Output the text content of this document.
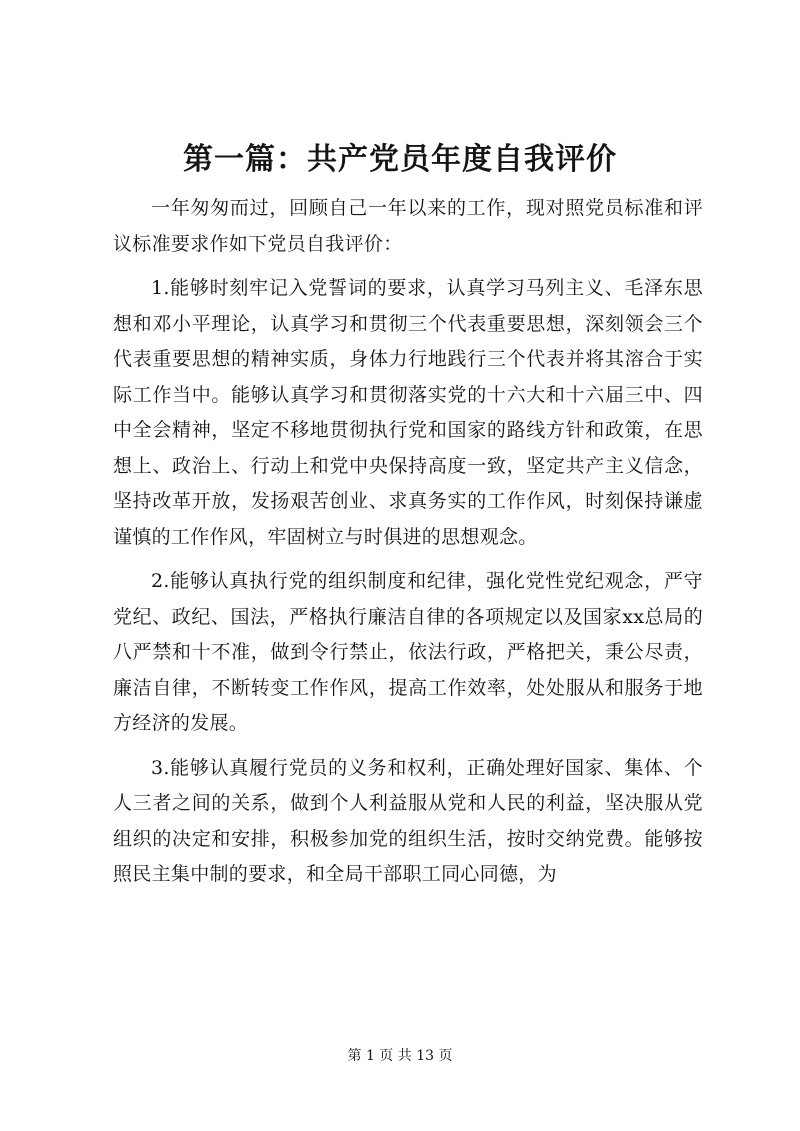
第一篇：共产党员年度自我评价

一年匆匆而过，回顾自己一年以来的工作，现对照党员标准和评议标准要求作如下党员自我评价：

1.能够时刻牢记入党誓词的要求，认真学习马列主义、毛泽东思想和邓小平理论，认真学习和贯彻三个代表重要思想，深刻领会三个代表重要思想的精神实质，身体力行地践行三个代表并将其溶合于实际工作当中。能够认真学习和贯彻落实党的十六大和十六届三中、四中全会精神，坚定不移地贯彻执行党和国家的路线方针和政策，在思想上、政治上、行动上和党中央保持高度一致，坚定共产主义信念，坚持改革开放，发扬艰苦创业、求真务实的工作作风，时刻保持谦虚谨慎的工作作风，牢固树立与时俱进的思想观念。

2.能够认真执行党的组织制度和纪律，强化党性党纪观念，严守党纪、政纪、国法，严格执行廉洁自律的各项规定以及国家xx总局的八严禁和十不准，做到令行禁止，依法行政，严格把关，秉公尽责，廉洁自律，不断转变工作作风，提高工作效率，处处服从和服务于地方经济的发展。

3.能够认真履行党员的义务和权利，正确处理好国家、集体、个人三者之间的关系，做到个人利益服从党和人民的利益，坚决服从党组织的决定和安排，积极参加党的组织生活，按时交纳党费。能够按照民主集中制的要求，和全局干部职工同心同德，为

第 1 页 共 13 页
